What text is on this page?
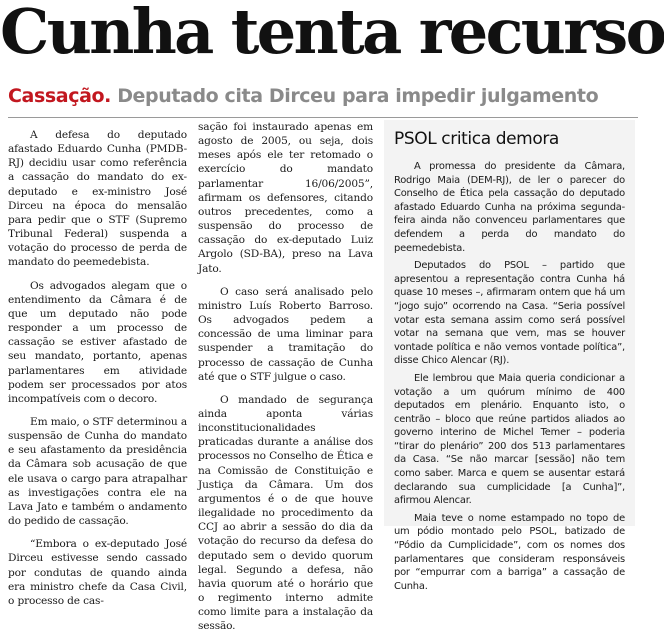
Cunha tenta recurso
Cassação. Deputado cita Dirceu para impedir julgamento

A defesa do deputado afastado Eduardo Cunha (PMDB-RJ) decidiu usar como referência a cassação do mandato do ex-deputado e ex-ministro José Dirceu na época do mensalão para pedir que o STF (Supremo Tribunal Federal) suspenda a votação do processo de perda de mandato do peemedebista.

Os advogados alegam que o entendimento da Câmara é de que um deputado não pode responder a um processo de cassação se estiver afastado de seu mandato, portanto, apenas parlamentares em atividade podem ser processados por atos incompatíveis com o decoro.

Em maio, o STF determinou a suspensão de Cunha do mandato e seu afastamento da presidência da Câmara sob acusação de que ele usava o cargo para atrapalhar as investigações contra ele na Lava Jato e também o andamento do pedido de cassação.

“Embora o ex-deputado José Dirceu estivesse sendo cassado por condutas de quando ainda era ministro chefe da Casa Civil, o processo de cas-

sação foi instaurado apenas em agosto de 2005, ou seja, dois meses após ele ter retomado o exercício do mandato parlamentar 16/06/2005”, afirmam os defensores, citando outros precedentes, como a suspensão do processo de cassação do ex-deputado Luiz Argolo (SD-BA), preso na Lava Jato.

O caso será analisado pelo ministro Luís Roberto Barroso. Os advogados pedem a concessão de uma liminar para suspender a tramitação do processo de cassação de Cunha até que o STF julgue o caso.

O mandado de segurança ainda aponta várias inconstitucionalidades praticadas durante a análise dos processos no Conselho de Ética e na Comissão de Constituição e Justiça da Câmara. Um dos argumentos é o de que houve ilegalidade no procedimento da CCJ ao abrir a sessão do dia da votação do recurso da defesa do deputado sem o devido quorum legal. Segundo a defesa, não havia quorum até o horário que o regimento interno admite como limite para a instalação da sessão.

PSOL critica demora

A promessa do presidente da Câmara, Rodrigo Maia (DEM-RJ), de ler o parecer do Conselho de Ética pela cassação do deputado afastado Eduardo Cunha na próxima segunda-feira ainda não convenceu parlamentares que defendem a perda do mandato do peemedebista.

Deputados do PSOL – partido que apresentou a representação contra Cunha há quase 10 meses –, afirmaram ontem que há um “jogo sujo” ocorrendo na Casa. “Seria possível votar esta semana assim como será possível votar na semana que vem, mas se houver vontade política e não vemos vontade política”, disse Chico Alencar (RJ).

Ele lembrou que Maia queria condicionar a votação a um quórum mínimo de 400 deputados em plenário. Enquanto isto, o centrão – bloco que reúne partidos aliados ao governo interino de Michel Temer – poderia “tirar do plenário” 200 dos 513 parlamentares da Casa. “Se não marcar [sessão] não tem como saber. Marca e quem se ausentar estará declarando sua cumplicidade [a Cunha]”, afirmou Alencar.

Maia teve o nome estampado no topo de um pódio montado pelo PSOL, batizado de “Pódio da Cumplicidade”, com os nomes dos parlamentares que consideram responsáveis por “empurrar com a barriga” a cassação de Cunha.
